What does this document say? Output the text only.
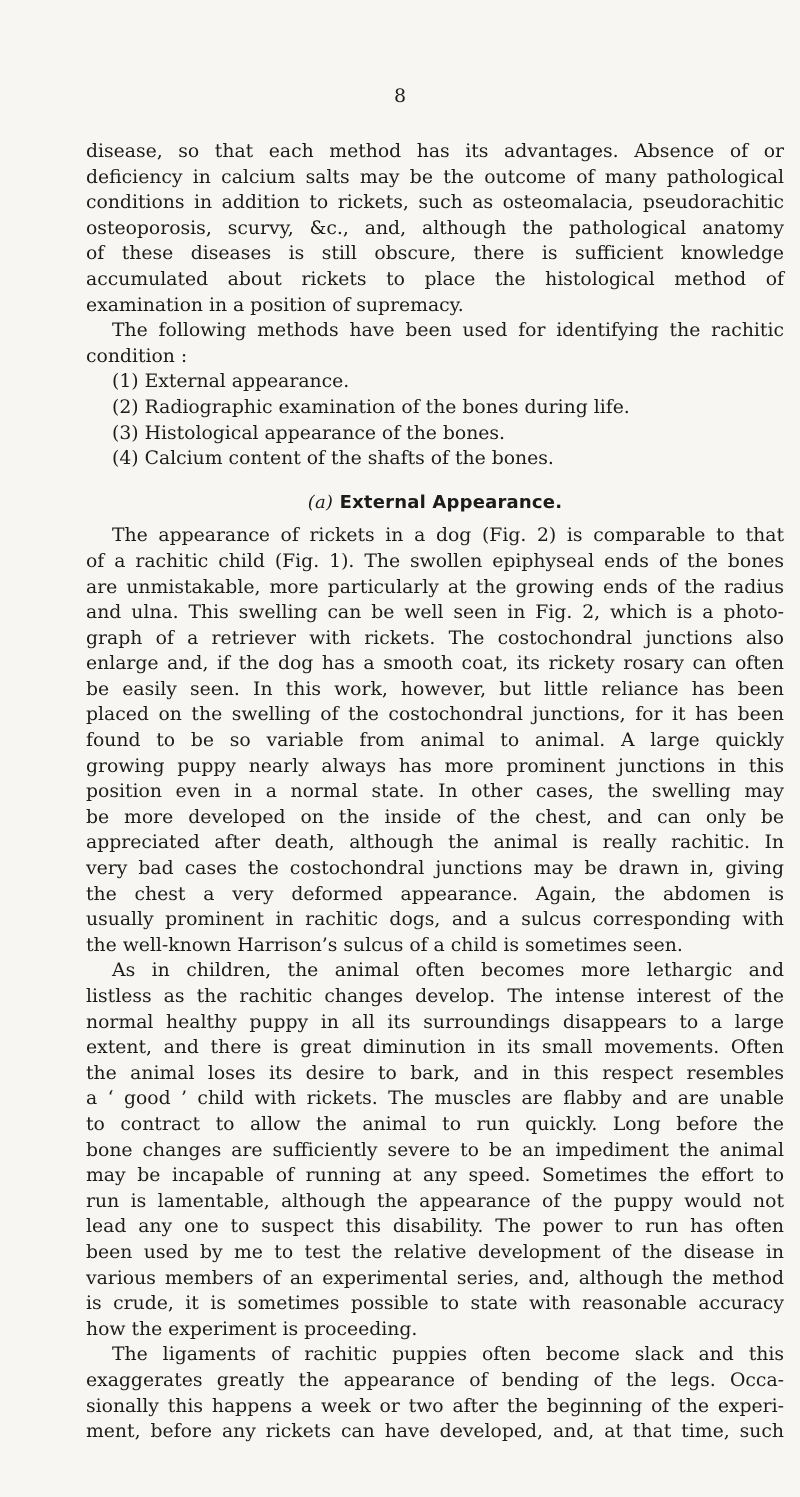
8
disease, so that each method has its advantages. Absence of or
deficiency in calcium salts may be the outcome of many pathological
conditions in addition to rickets, such as osteomalacia, pseudorachitic
osteoporosis, scurvy, &c., and, although the pathological anatomy
of these diseases is still obscure, there is sufficient knowledge
accumulated about rickets to place the histological method of
examination in a position of supremacy.
The following methods have been used for identifying the rachitic
condition :
(1) External appearance.
(2) Radiographic examination of the bones during life.
(3) Histological appearance of the bones.
(4) Calcium content of the shafts of the bones.
(a) External Appearance.
The appearance of rickets in a dog (Fig. 2) is comparable to that
of a rachitic child (Fig. 1). The swollen epiphyseal ends of the bones
are unmistakable, more particularly at the growing ends of the radius
and ulna. This swelling can be well seen in Fig. 2, which is a photo-
graph of a retriever with rickets. The costochondral junctions also
enlarge and, if the dog has a smooth coat, its rickety rosary can often
be easily seen. In this work, however, but little reliance has been
placed on the swelling of the costochondral junctions, for it has been
found to be so variable from animal to animal. A large quickly
growing puppy nearly always has more prominent junctions in this
position even in a normal state. In other cases, the swelling may
be more developed on the inside of the chest, and can only be
appreciated after death, although the animal is really rachitic. In
very bad cases the costochondral junctions may be drawn in, giving
the chest a very deformed appearance. Again, the abdomen is
usually prominent in rachitic dogs, and a sulcus corresponding with
the well-known Harrison’s sulcus of a child is sometimes seen.
As in children, the animal often becomes more lethargic and
listless as the rachitic changes develop. The intense interest of the
normal healthy puppy in all its surroundings disappears to a large
extent, and there is great diminution in its small movements. Often
the animal loses its desire to bark, and in this respect resembles
a ‘ good ’ child with rickets. The muscles are flabby and are unable
to contract to allow the animal to run quickly. Long before the
bone changes are sufficiently severe to be an impediment the animal
may be incapable of running at any speed. Sometimes the effort to
run is lamentable, although the appearance of the puppy would not
lead any one to suspect this disability. The power to run has often
been used by me to test the relative development of the disease in
various members of an experimental series, and, although the method
is crude, it is sometimes possible to state with reasonable accuracy
how the experiment is proceeding.
The ligaments of rachitic puppies often become slack and this
exaggerates greatly the appearance of bending of the legs. Occa-
sionally this happens a week or two after the beginning of the experi-
ment, before any rickets can have developed, and, at that time, such
